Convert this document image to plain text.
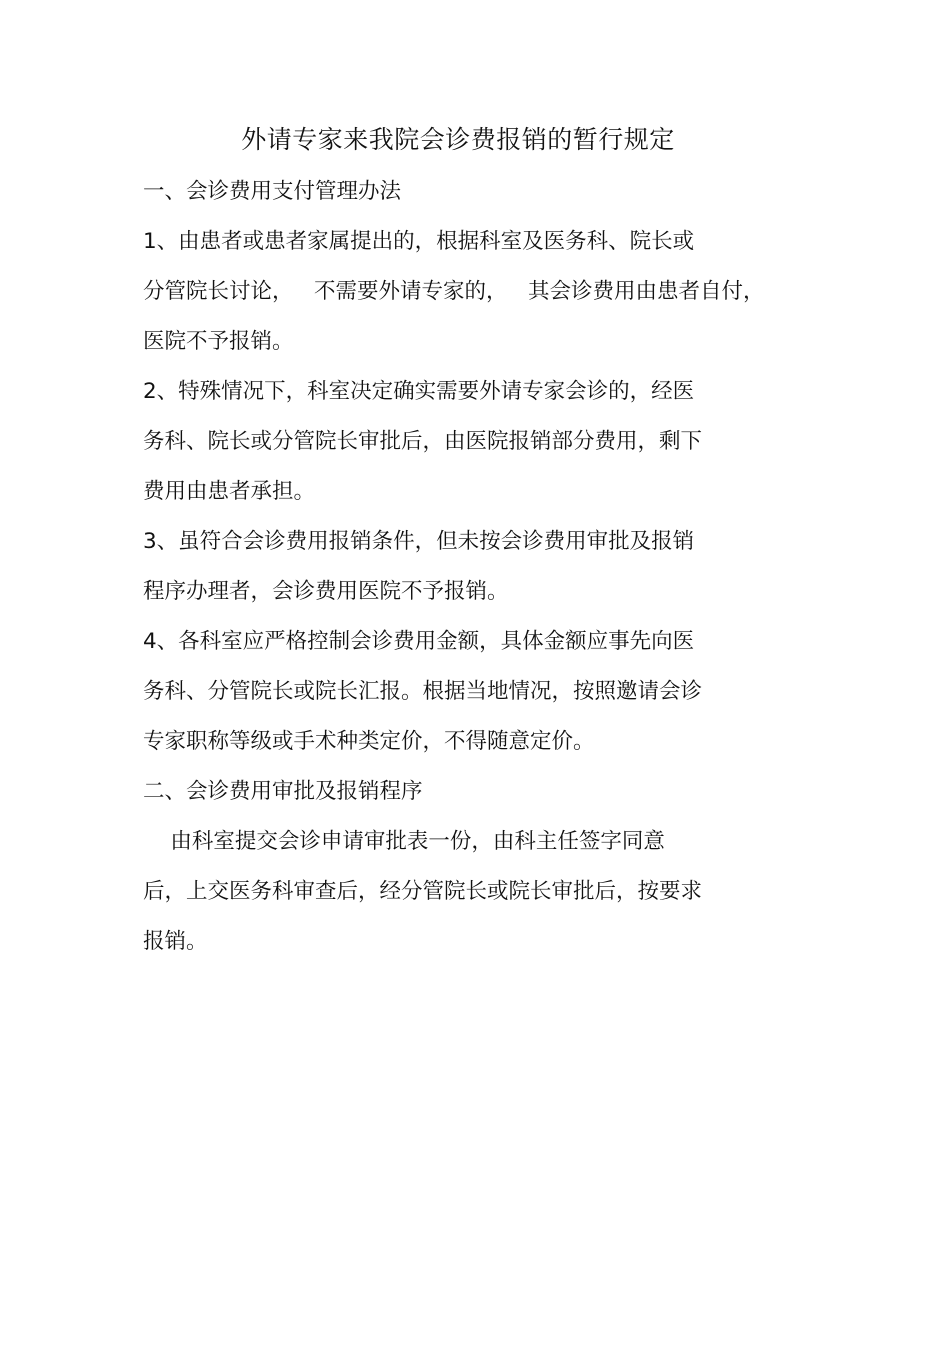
外请专家来我院会诊费报销的暂行规定
一、会诊费用支付管理办法
1、由患者或患者家属提出的，根据科室及医务科、院长或
分管院长讨论，   不需要外请专家的，   其会诊费用由患者自付，
医院不予报销。
2、特殊情况下，科室决定确实需要外请专家会诊的，经医
务科、院长或分管院长审批后，由医院报销部分费用，剩下
费用由患者承担。
3、虽符合会诊费用报销条件，但未按会诊费用审批及报销
程序办理者，会诊费用医院不予报销。
4、各科室应严格控制会诊费用金额，具体金额应事先向医
务科、分管院长或院长汇报。根据当地情况，按照邀请会诊
专家职称等级或手术种类定价，不得随意定价。
二、会诊费用审批及报销程序
由科室提交会诊申请审批表一份，由科主任签字同意
后，上交医务科审查后，经分管院长或院长审批后，按要求
报销。
